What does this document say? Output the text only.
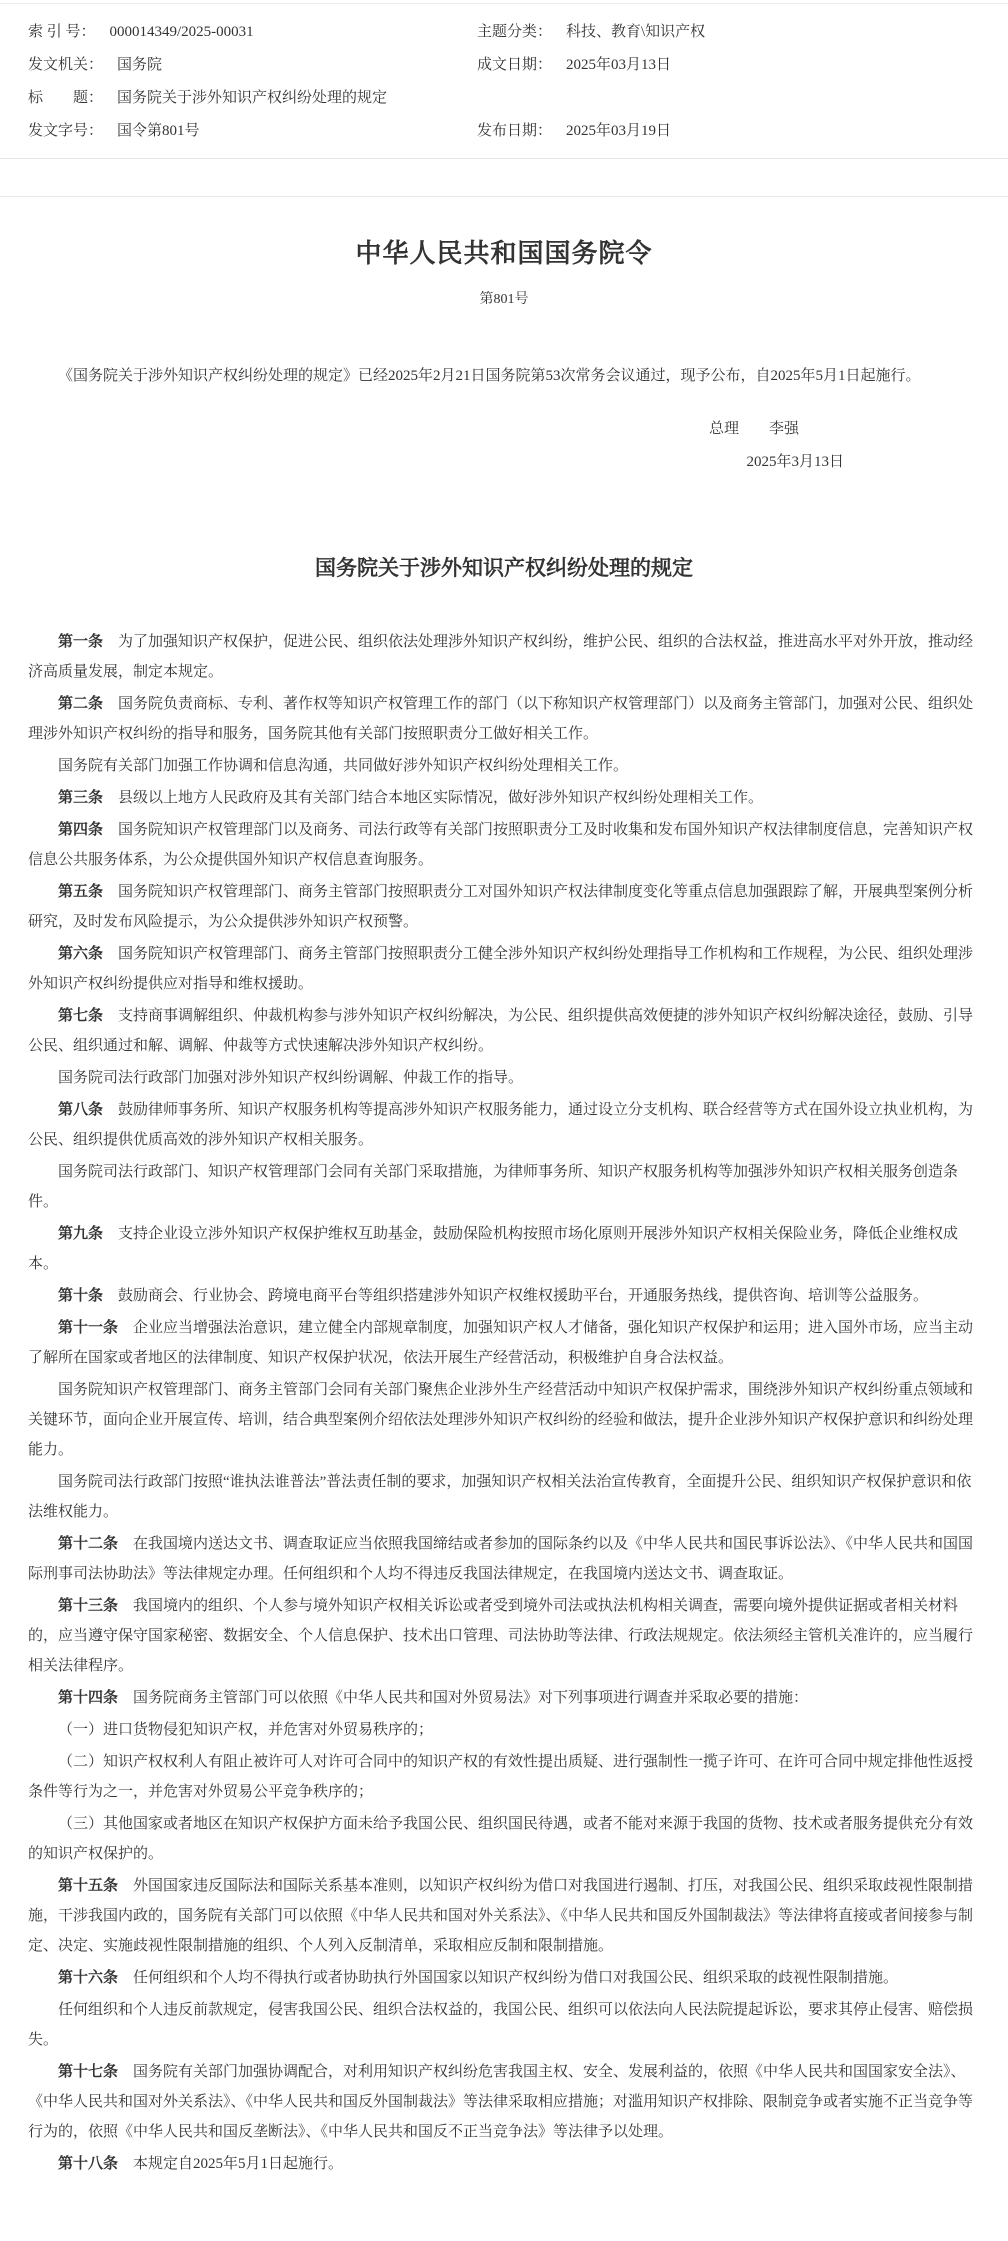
索 引 号： 000014349/2025-00031	主题分类： 科技、教育\知识产权
发文机关： 国务院	成文日期： 2025年03月13日
标　　题： 国务院关于涉外知识产权纠纷处理的规定
发文字号： 国令第801号	发布日期： 2025年03月19日
中华人民共和国国务院令
第801号

《国务院关于涉外知识产权纠纷处理的规定》已经2025年2月21日国务院第53次常务会议通过，现予公布，自2025年5月1日起施行。

总理　　李强
2025年3月13日
国务院关于涉外知识产权纠纷处理的规定

第一条 为了加强知识产权保护，促进公民、组织依法处理涉外知识产权纠纷，维护公民、组织的合法权益，推进高水平对外开放，推动经济高质量发展，制定本规定。

第二条 国务院负责商标、专利、著作权等知识产权管理工作的部门（以下称知识产权管理部门）以及商务主管部门，加强对公民、组织处理涉外知识产权纠纷的指导和服务，国务院其他有关部门按照职责分工做好相关工作。

国务院有关部门加强工作协调和信息沟通，共同做好涉外知识产权纠纷处理相关工作。

第三条 县级以上地方人民政府及其有关部门结合本地区实际情况，做好涉外知识产权纠纷处理相关工作。

第四条 国务院知识产权管理部门以及商务、司法行政等有关部门按照职责分工及时收集和发布国外知识产权法律制度信息，完善知识产权信息公共服务体系，为公众提供国外知识产权信息查询服务。

第五条 国务院知识产权管理部门、商务主管部门按照职责分工对国外知识产权法律制度变化等重点信息加强跟踪了解，开展典型案例分析研究，及时发布风险提示，为公众提供涉外知识产权预警。

第六条 国务院知识产权管理部门、商务主管部门按照职责分工健全涉外知识产权纠纷处理指导工作机构和工作规程，为公民、组织处理涉外知识产权纠纷提供应对指导和维权援助。

第七条 支持商事调解组织、仲裁机构参与涉外知识产权纠纷解决，为公民、组织提供高效便捷的涉外知识产权纠纷解决途径，鼓励、引导公民、组织通过和解、调解、仲裁等方式快速解决涉外知识产权纠纷。

国务院司法行政部门加强对涉外知识产权纠纷调解、仲裁工作的指导。

第八条 鼓励律师事务所、知识产权服务机构等提高涉外知识产权服务能力，通过设立分支机构、联合经营等方式在国外设立执业机构，为公民、组织提供优质高效的涉外知识产权相关服务。

国务院司法行政部门、知识产权管理部门会同有关部门采取措施，为律师事务所、知识产权服务机构等加强涉外知识产权相关服务创造条件。

第九条 支持企业设立涉外知识产权保护维权互助基金，鼓励保险机构按照市场化原则开展涉外知识产权相关保险业务，降低企业维权成本。

第十条 鼓励商会、行业协会、跨境电商平台等组织搭建涉外知识产权维权援助平台，开通服务热线，提供咨询、培训等公益服务。

第十一条 企业应当增强法治意识，建立健全内部规章制度，加强知识产权人才储备，强化知识产权保护和运用；进入国外市场，应当主动了解所在国家或者地区的法律制度、知识产权保护状况，依法开展生产经营活动，积极维护自身合法权益。

国务院知识产权管理部门、商务主管部门会同有关部门聚焦企业涉外生产经营活动中知识产权保护需求，围绕涉外知识产权纠纷重点领域和关键环节，面向企业开展宣传、培训，结合典型案例介绍依法处理涉外知识产权纠纷的经验和做法，提升企业涉外知识产权保护意识和纠纷处理能力。

国务院司法行政部门按照“谁执法谁普法”普法责任制的要求，加强知识产权相关法治宣传教育，全面提升公民、组织知识产权保护意识和依法维权能力。

第十二条 在我国境内送达文书、调查取证应当依照我国缔结或者参加的国际条约以及《中华人民共和国民事诉讼法》、《中华人民共和国国际刑事司法协助法》等法律规定办理。任何组织和个人均不得违反我国法律规定，在我国境内送达文书、调查取证。

第十三条 我国境内的组织、个人参与境外知识产权相关诉讼或者受到境外司法或执法机构相关调查，需要向境外提供证据或者相关材料的，应当遵守保守国家秘密、数据安全、个人信息保护、技术出口管理、司法协助等法律、行政法规规定。依法须经主管机关准许的，应当履行相关法律程序。

第十四条 国务院商务主管部门可以依照《中华人民共和国对外贸易法》对下列事项进行调查并采取必要的措施：

（一）进口货物侵犯知识产权，并危害对外贸易秩序的；

（二）知识产权权利人有阻止被许可人对许可合同中的知识产权的有效性提出质疑、进行强制性一揽子许可、在许可合同中规定排他性返授条件等行为之一，并危害对外贸易公平竞争秩序的；

（三）其他国家或者地区在知识产权保护方面未给予我国公民、组织国民待遇，或者不能对来源于我国的货物、技术或者服务提供充分有效的知识产权保护的。

第十五条 外国国家违反国际法和国际关系基本准则，以知识产权纠纷为借口对我国进行遏制、打压，对我国公民、组织采取歧视性限制措施，干涉我国内政的，国务院有关部门可以依照《中华人民共和国对外关系法》、《中华人民共和国反外国制裁法》等法律将直接或者间接参与制定、决定、实施歧视性限制措施的组织、个人列入反制清单，采取相应反制和限制措施。

第十六条 任何组织和个人均不得执行或者协助执行外国国家以知识产权纠纷为借口对我国公民、组织采取的歧视性限制措施。

任何组织和个人违反前款规定，侵害我国公民、组织合法权益的，我国公民、组织可以依法向人民法院提起诉讼，要求其停止侵害、赔偿损失。

第十七条 国务院有关部门加强协调配合，对利用知识产权纠纷危害我国主权、安全、发展利益的，依照《中华人民共和国国家安全法》、《中华人民共和国对外关系法》、《中华人民共和国反外国制裁法》等法律采取相应措施；对滥用知识产权排除、限制竞争或者实施不正当竞争等行为的，依照《中华人民共和国反垄断法》、《中华人民共和国反不正当竞争法》等法律予以处理。

第十八条 本规定自2025年5月1日起施行。
